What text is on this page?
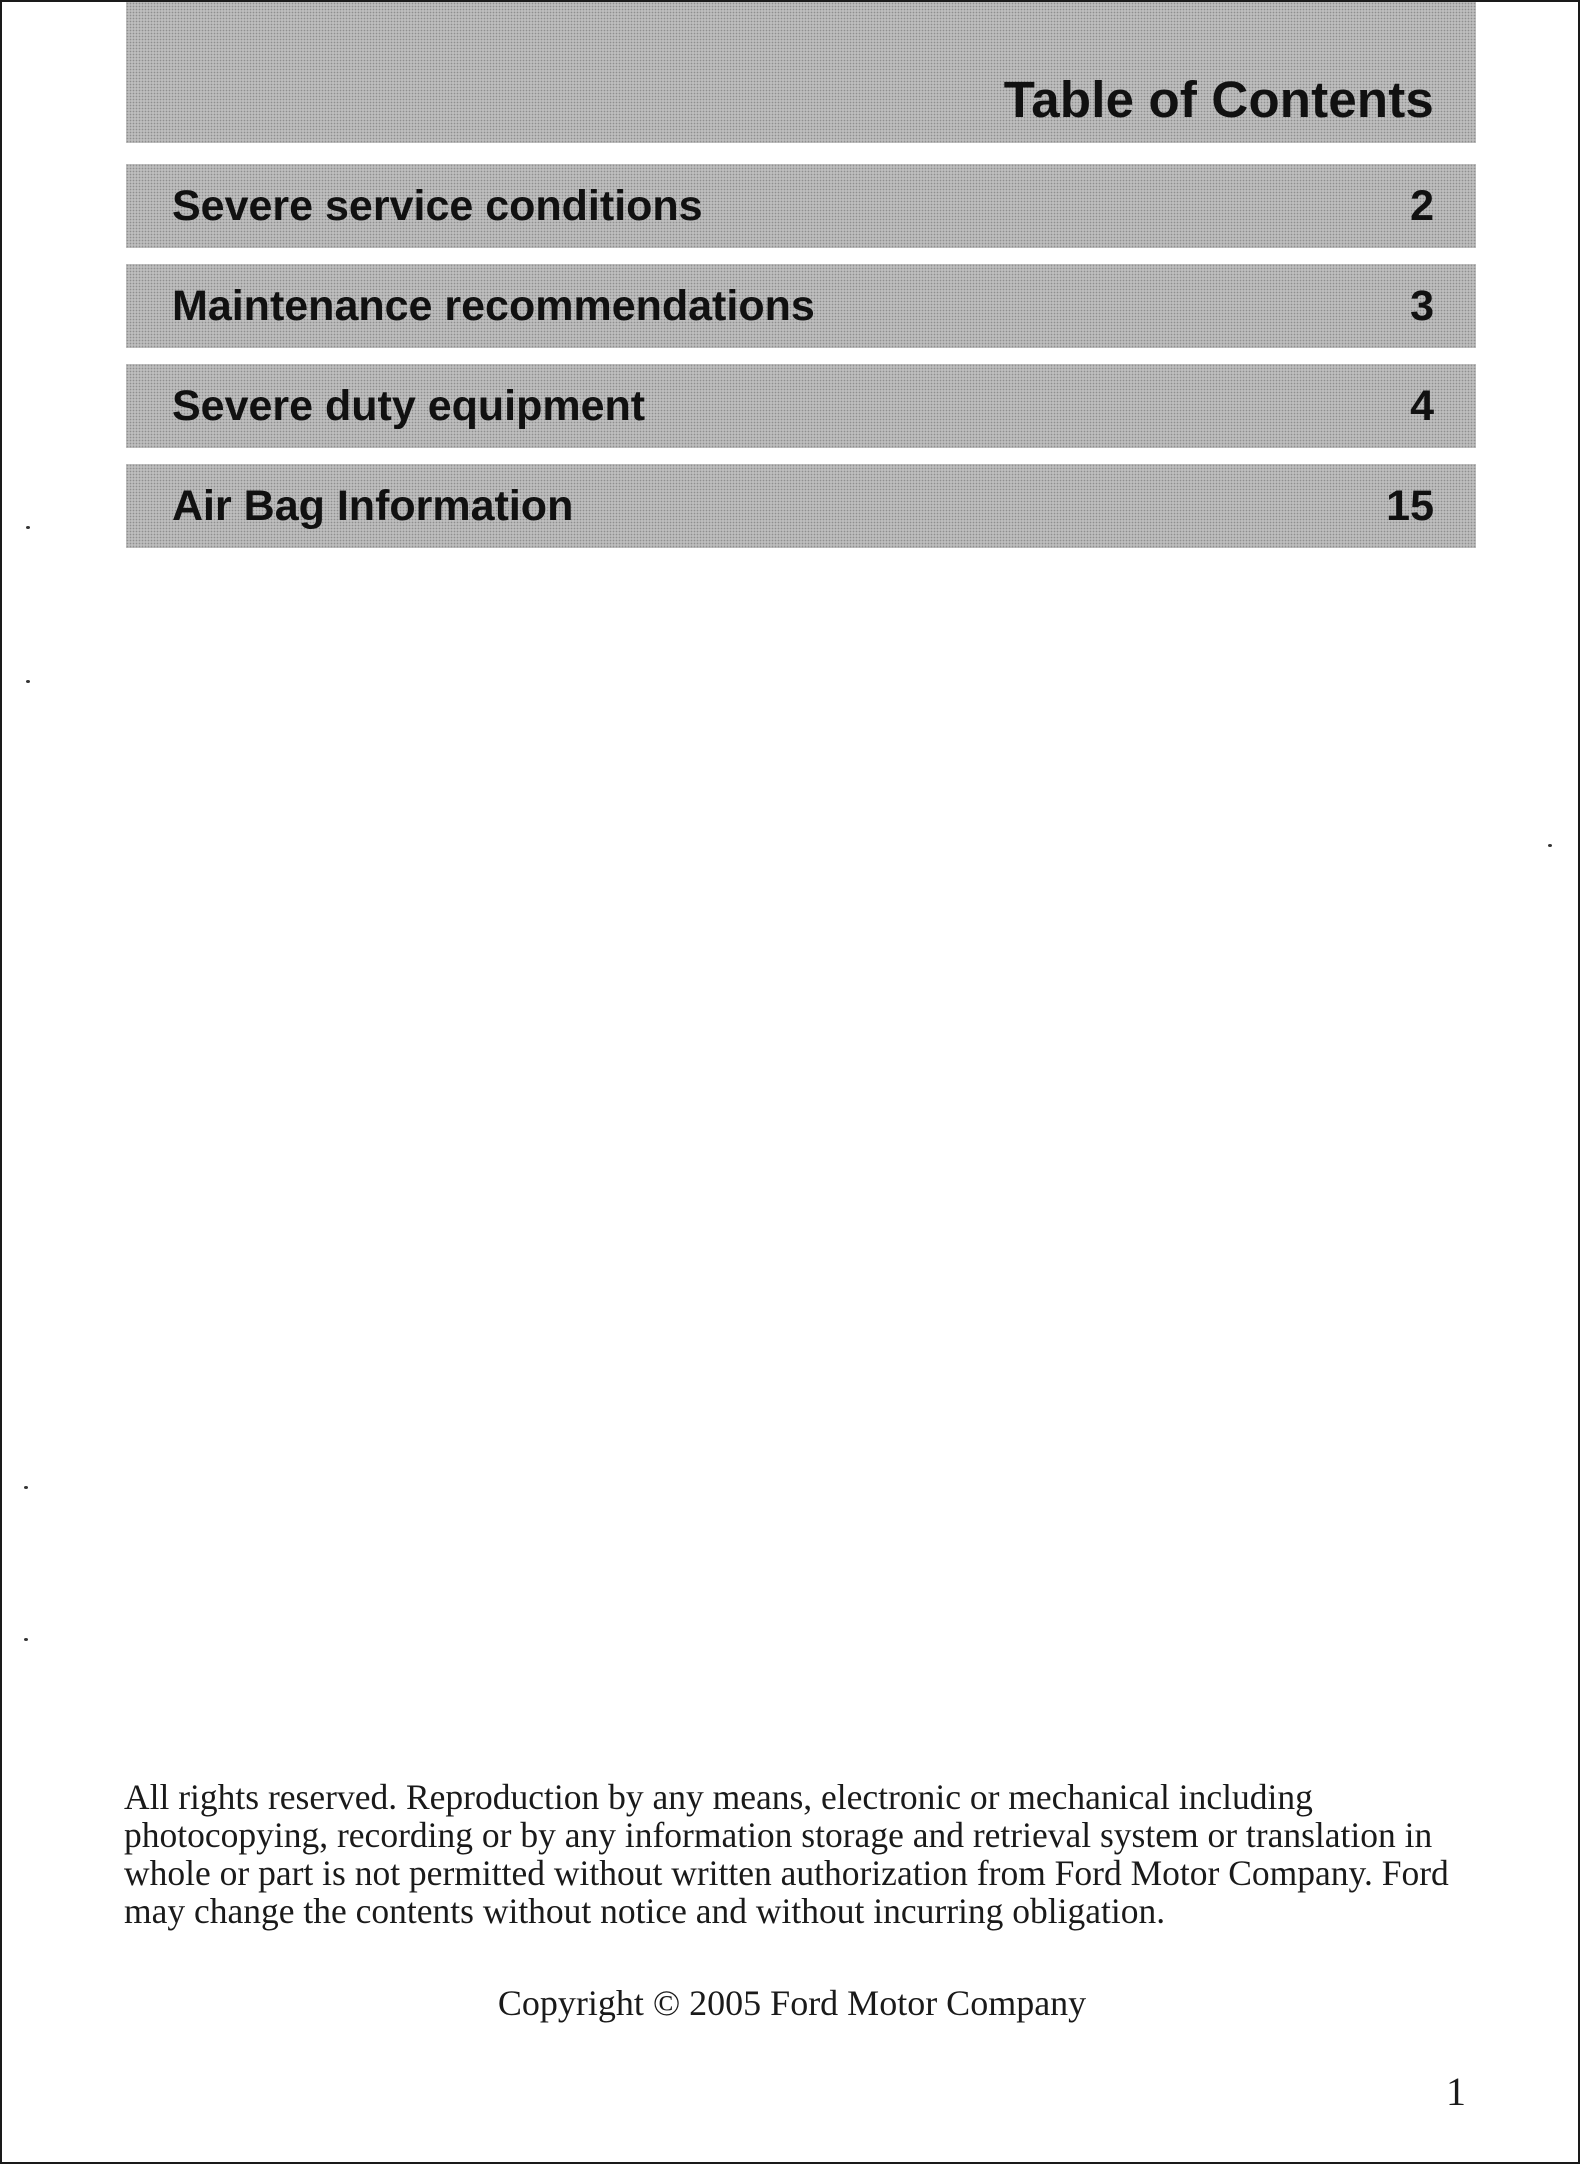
Table of Contents
Severe service conditions	2
Maintenance recommendations	3
Severe duty equipment	4
Air Bag Information	15

All rights reserved. Reproduction by any means, electronic or mechanical including photocopying, recording or by any information storage and retrieval system or translation in whole or part is not permitted without written authorization from Ford Motor Company. Ford may change the contents without notice and without incurring obligation.

Copyright © 2005 Ford Motor Company

1
